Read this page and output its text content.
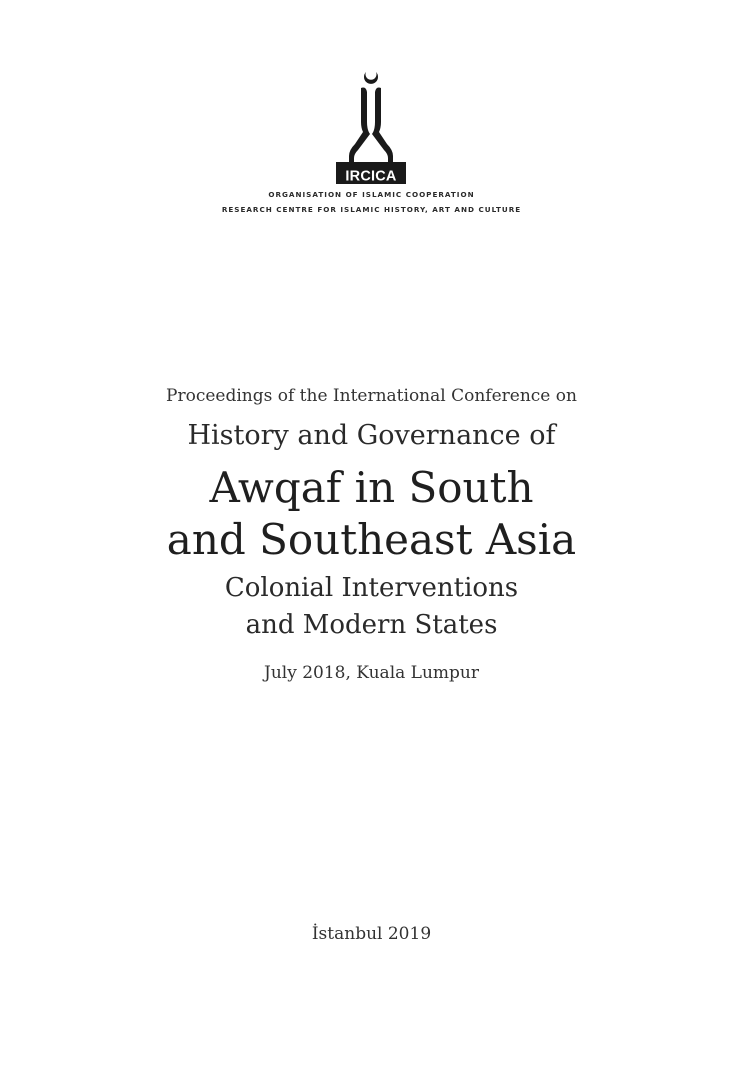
IRCICA
ORGANISATION OF ISLAMIC COOPERATION
RESEARCH CENTRE FOR ISLAMIC HISTORY, ART AND CULTURE
Proceedings of the International Conference on
History and Governance of
Awqaf in South
and Southeast Asia
Colonial Interventions
and Modern States
July 2018, Kuala Lumpur
İstanbul 2019
